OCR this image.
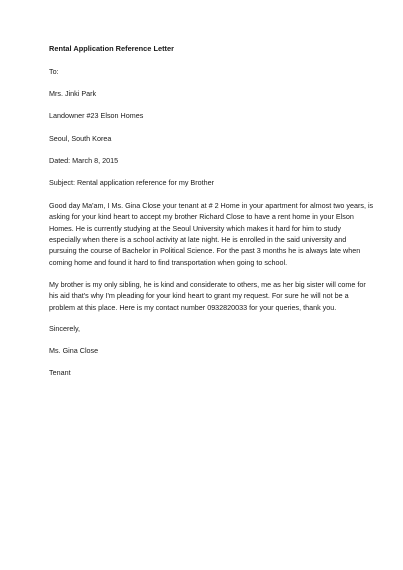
Rental Application Reference Letter
To:
Mrs. Jinki Park
Landowner #23 Elson Homes
Seoul, South Korea
Dated: March 8, 2015
Subject: Rental application reference for my Brother
Good day Ma'am, I Ms. Gina Close your tenant at # 2 Home in your apartment for almost two years, is
asking for your kind heart to accept my brother Richard Close to have a rent home in your Elson
Homes. He is currently studying at the Seoul University which makes it hard for him to study
especially when there is a school activity at late night. He is enrolled in the said university and
pursuing the course of Bachelor in Political Science. For the past 3 months he is always late when
coming home and found it hard to find transportation when going to school.
My brother is my only sibling, he is kind and considerate to others, me as her big sister will come for
his aid that's why I'm pleading for your kind heart to grant my request. For sure he will not be a
problem at this place. Here is my contact number 0932820033 for your queries, thank you.
Sincerely,
Ms. Gina Close
Tenant
